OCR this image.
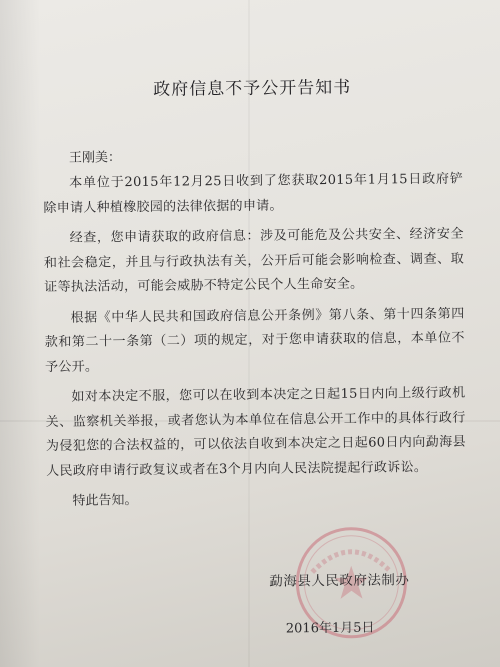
政府信息不予公开告知书
王刚美：
本单位于2015年12月25日收到了您获取2015年1月15日政府铲除申请人种植橡胶园的法律依据的申请。
经查，您申请获取的政府信息：涉及可能危及公共安全、经济安全和社会稳定，并且与行政执法有关，公开后可能会影响检查、调查、取证等执法活动，可能会威胁不特定公民个人生命安全。
根据《中华人民共和国政府信息公开条例》第八条、第十四条第四款和第二十一条第（二）项的规定，对于您申请获取的信息，本单位不予公开。
如对本决定不服，您可以在收到本决定之日起15日内向上级行政机关、监察机关举报，或者您认为本单位在信息公开工作中的具体行政行为侵犯您的合法权益的，可以依法自收到本决定之日起60日内向勐海县人民政府申请行政复议或者在3个月内向人民法院提起行政诉讼。
特此告知。
勐海县人民政府法制办
2016年1月5日
